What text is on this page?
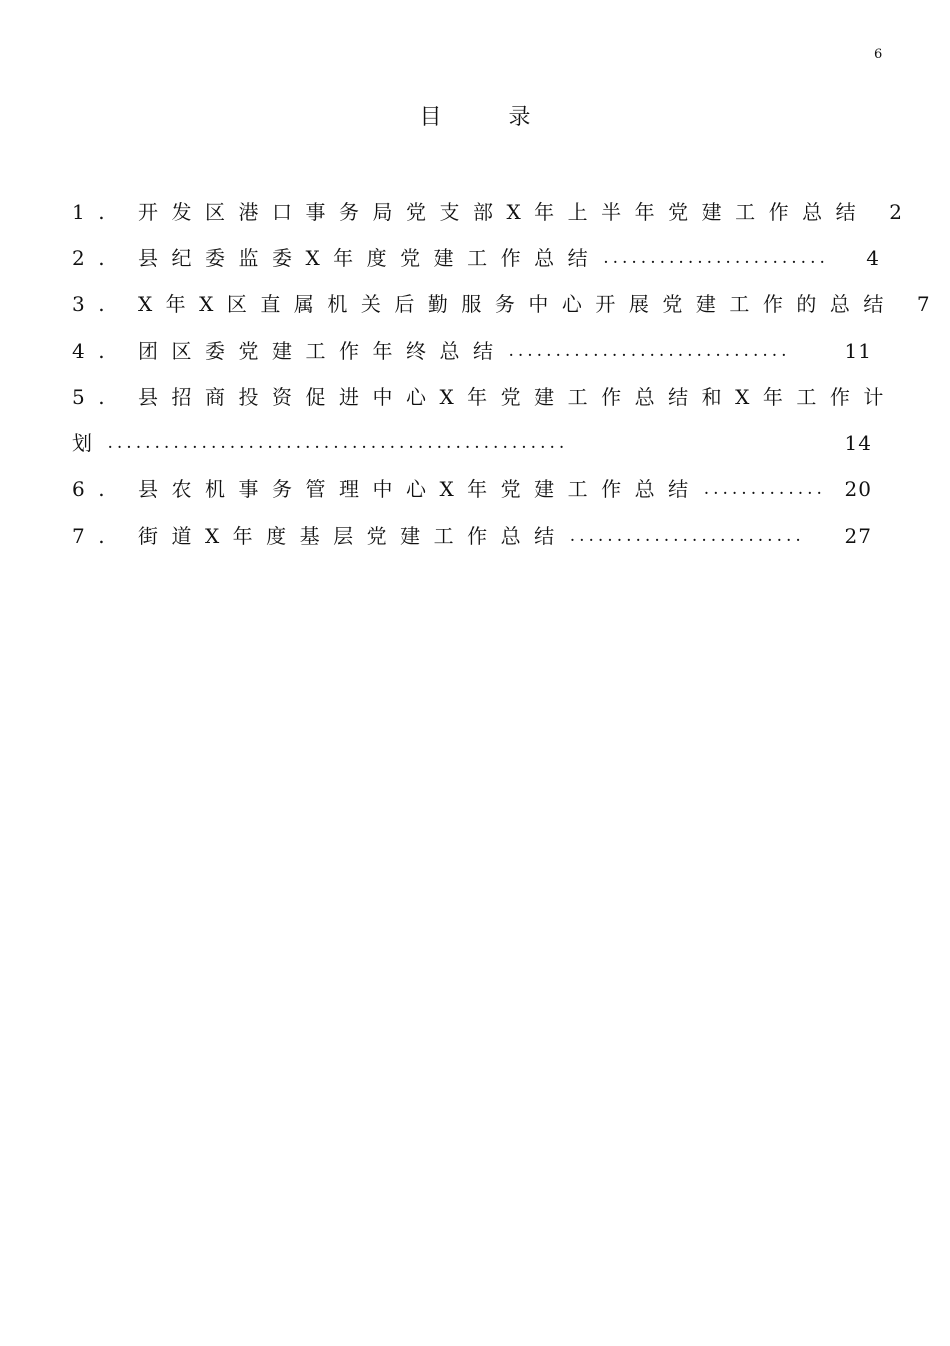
6
目 录
1. 开发区港口事务局党支部X年上半年党建工作总结 2
2. 县纪委监委X年度党建工作总结 ........................	4
3. X年X区直属机关后勤服务中心开展党建工作的总结 7
4. 团区委党建工作年终总结 ..............................	11
5. 县招商投资促进中心X年党建工作总结和X年工作计
划 .................................................	14
6. 县农机事务管理中心X年党建工作总结 ............. 20
7. 街道X年度基层党建工作总结 .........................	27
